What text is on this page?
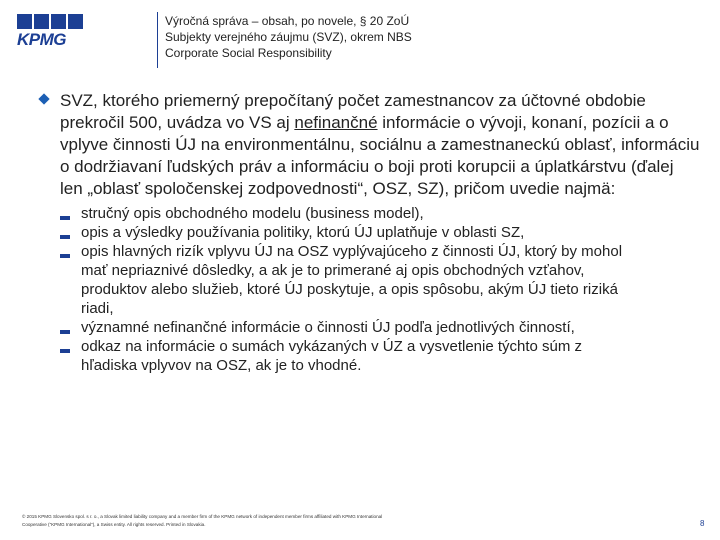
KPMG
Výročná správa – obsah, po novele, § 20 ZoÚ
Subjekty verejného záujmu (SVZ), okrem NBS
Corporate Social Responsibility
SVZ, ktorého priemerný prepočítaný počet zamestnancov za účtovné obdobie prekročil 500, uvádza vo VS aj nefinančné informácie o vývoji, konaní, pozícii a o vplyve činnosti ÚJ na environmentálnu, sociálnu a zamestnaneckú oblasť, informáciu o dodržiavaní ľudských práv a informáciu o boji proti korupcii a úplatkárstvu (ďalej len „oblasť spoločenskej zodpovednosti“, OSZ, SZ), pričom uvedie najmä:
stručný opis obchodného modelu (business model),
opis a výsledky používania politiky, ktorú ÚJ uplatňuje v oblasti SZ,
opis hlavných rizík vplyvu ÚJ na OSZ vyplývajúceho z činnosti ÚJ, ktorý by mohol mať nepriaznivé dôsledky, a ak je to primerané aj opis obchodných vzťahov, produktov alebo služieb, ktoré ÚJ poskytuje, a opis spôsobu, akým ÚJ tieto riziká riadi,
významné nefinančné informácie o činnosti ÚJ podľa jednotlivých činností,
odkaz na informácie o sumách vykázaných v ÚZ a vysvetlenie týchto súm z hľadiska vplyvov na OSZ, ak je to vhodné.
© 2015 KPMG Slovensko spol. s r. o., a Slovak limited liability company and a member firm of the KPMG network of independent member firms affiliated with KPMG International
Cooperative (“KPMG International”), a Swiss entity. All rights reserved. Printed in Slovakia.	8
